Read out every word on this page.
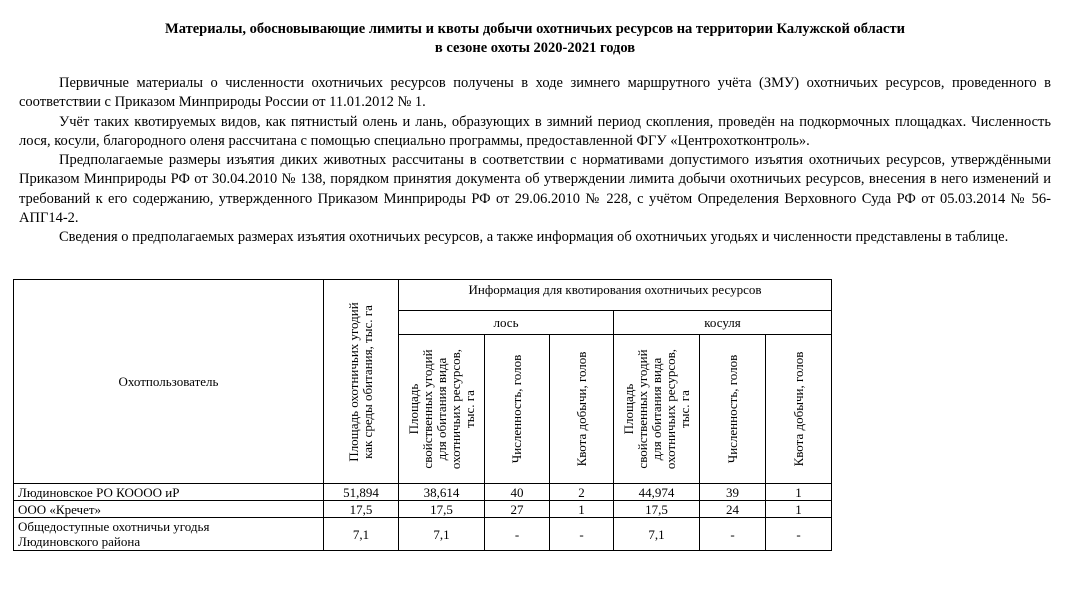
Материалы, обосновывающие лимиты и квоты добычи охотничьих ресурсов на территории Калужской области
в сезоне охоты 2020-2021 годов

Первичные материалы о численности охотничьих ресурсов получены в ходе зимнего маршрутного учёта (ЗМУ) охотничьих ресурсов, проведенного в соответствии с Приказом Минприроды России от 11.01.2012 № 1.

Учёт таких квотируемых видов, как пятнистый олень и лань, образующих в зимний период скопления, проведён на подкормочных площадках. Численность лося, косули, благородного оленя рассчитана с помощью специально программы, предоставленной ФГУ «Центрохотконтроль».

Предполагаемые размеры изъятия диких животных рассчитаны в соответствии с нормативами допустимого изъятия охотничьих ресурсов, утверждёнными Приказом Минприроды РФ от 30.04.2010 № 138, порядком принятия документа об утверждении лимита добычи охотничьих ресурсов, внесения в него изменений и требований к его содержанию, утвержденного Приказом Минприроды РФ от 29.06.2010 № 228, с учётом Определения Верховного Суда РФ от 05.03.2014 № 56-АПГ14-2.

Сведения о предполагаемых размерах изъятия охотничьих ресурсов, а также информация об охотничьих угодьях и численности представлены в таблице.

Охотпользователь	Площадь охотничьих угодий как среды обитания, тыс. га	Информация для квотирования охотничьих ресурсов					
		лось			косуля		

		Площадь свойственных угодий для обитания вида охотничьих ресурсов, тыс. га	Численность, голов	Квота добычи, голов	Площадь свойственных угодий для обитания вида охотничьих ресурсов, тыс. га	Численность, голов	Квота добычи, голов

Людиновское РО КОООО иР	51,894	38,614	40	2	44,974	39	1
ООО «Кречет»	17,5	17,5	27	1	17,5	24	1

Общедоступные охотничьи угодья
Людиновского района	7,1	7,1	-	-	7,1	-	-
